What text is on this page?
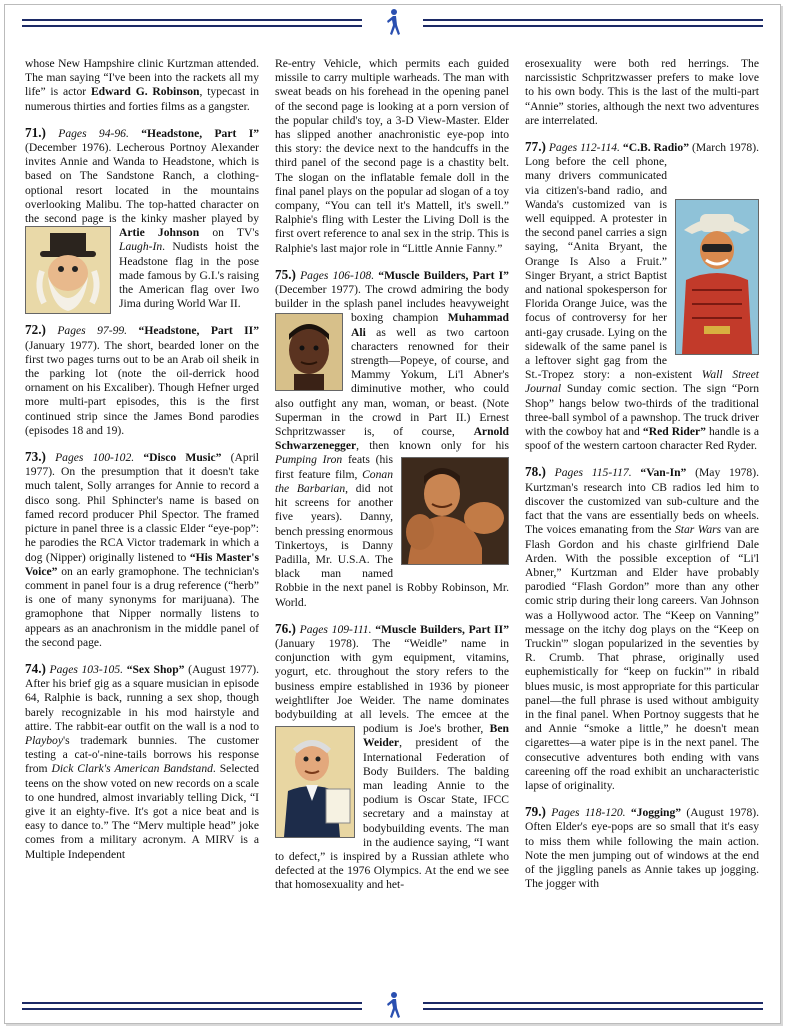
whose New Hampshire clinic Kurtzman attended. The man saying “I've been into the rackets all my life” is actor Edward G. Robinson, typecast in numerous thirties and forties films as a gangster.

71.) Pages 94-96. “Headstone, Part I” (December 1976). Lecherous Portnoy Alexander invites Annie and Wanda to Headstone, which is based on The Sandstone Ranch, a clothing-optional resort located in the mountains overlooking Malibu. The top-hatted character on the second page is the kinky masher played by
Artie Johnson on TV's Laugh-In. Nudists hoist the Headstone flag in the pose made famous by G.I.'s raising the American flag over Iwo Jima during World War II.

72.) Pages 97-99. “Headstone, Part II” (January 1977). The short, bearded loner on the first two pages turns out to be an Arab oil sheik in the parking lot (note the oil-derrick hood ornament on his Excaliber). Though Hefner urged more multi-part episodes, this is the first continued strip since the James Bond parodies (episodes 18 and 19).

73.) Pages 100-102. “Disco Music” (April 1977). On the presumption that it doesn't take much talent, Solly arranges for Annie to record a disco song. Phil Sphincter's name is based on famed record producer Phil Spector. The framed picture in panel three is a classic Elder “eye-pop”: he parodies the RCA Victor trademark in which a dog (Nipper) originally listened to “His Master's Voice” on an early gramophone. The technician's comment in panel four is a drug reference (“herb” is one of many synonyms for marijuana). The gramophone that Nipper normally listens to appears as an anachronism in the middle panel of the second page.

74.) Pages 103-105. “Sex Shop” (August 1977). After his brief gig as a square musician in episode 64, Ralphie is back, running a sex shop, though barely recognizable in his mod hairstyle and attire. The rabbit-ear outfit on the wall is a nod to Playboy's trademark bunnies. The customer testing a cat-o'-nine-tails borrows his response from Dick Clark's American Bandstand. Selected teens on the show voted on new records on a scale to one hundred, almost invariably telling Dick, “I give it an eighty-five. It's got a nice beat and is easy to dance to.” The “Merv multiple head” joke comes from a military acronym. A MIRV is a Multiple Independent

Re-entry Vehicle, which permits each guided missile to carry multiple warheads. The man with sweat beads on his forehead in the opening panel of the second page is looking at a porn version of the popular child's toy, a 3-D View-Master. Elder has slipped another anachronistic eye-pop into this story: the device next to the handcuffs in the third panel of the second page is a chastity belt. The slogan on the inflatable female doll in the final panel plays on the popular ad slogan of a toy company, “You can tell it's Mattell, it's swell.” Ralphie's fling with Lester the Living Doll is the first overt reference to anal sex in the strip. This is Ralphie's last major role in “Little Annie Fanny.”

75.) Pages 106-108. “Muscle Builders, Part I” (December 1977). The crowd admiring the body builder in the splash panel includes heavyweight boxing champion
Muhammad Ali as well as two cartoon characters renowned for their strength—Popeye, of course, and Mammy Yokum, Li'l Abner's diminutive mother, who could also outfight any man, woman, or beast. (Note Superman in the crowd in Part II.) Ernest Schpritzwasser is, of course, Arnold Schwarzenegger, then known only for his Pumping Iron
feats (his first feature film, Conan the Barbarian, did not hit screens for another five years). Danny, bench pressing enormous Tinkertoys, is Danny Padilla, Mr. U.S.A. The black man named Robbie in the next panel is Robby Robinson, Mr. World.

76.) Pages 109-111. “Muscle Builders, Part II” (January 1978). The “Weidle” name in conjunction with gym equipment, vitamins, yogurt, etc. throughout the story refers to the business empire established in 1936 by pioneer weightlifter Joe Weider. The name dominates bodybuilding at all levels. The emcee at the podium is Joe's brother,
Ben Weider, president of the International Federation of Body Builders. The balding man leading Annie to the podium is Oscar State, IFCC secretary and a mainstay at bodybuilding events. The man in the audience saying, “I want to defect,” is inspired by a Russian athlete who defected at the 1976 Olympics. At the end we see that homosexuality and het-

erosexuality were both red herrings. The narcissistic Schpritzwasser prefers to make love to his own body. This is the last of the multi-part “Annie” stories, although the next two adventures are interrelated.

77.) Pages 112-114. “C.B. Radio”
(March 1978). Long before the cell phone, many drivers communicated via citizen's-band radio, and Wanda's customized van is well equipped. A protester in the second panel carries a sign saying, “Anita Bryant, the Orange Is Also a Fruit.” Singer Bryant, a strict Baptist and national spokesperson for Florida Orange Juice, was the focus of controversy for her anti-gay crusade. Lying on the sidewalk of the same panel is a leftover sight gag from the St.-Tropez story: a non-existent Wall Street Journal Sunday comic section. The sign “Porn Shop” hangs below two-thirds of the traditional three-ball symbol of a pawnshop. The truck driver with the cowboy hat and “Red Rider” handle is a spoof of the western cartoon character Red Ryder.

78.) Pages 115-117. “Van-In” (May 1978). Kurtzman's research into CB radios led him to discover the customized van sub-culture and the fact that the vans are essentially beds on wheels. The voices emanating from the Star Wars van are Flash Gordon and his chaste girlfriend Dale Arden. With the possible exception of “Li'l Abner,” Kurtzman and Elder have probably parodied “Flash Gordon” more than any other comic strip during their long careers. Van Johnson was a Hollywood actor. The “Keep on Vanning” message on the itchy dog plays on the “Keep on Truckin'” slogan popularized in the seventies by R. Crumb. That phrase, originally used euphemistically for “keep on fuckin'” in ribald blues music, is most appropriate for this particular panel—the full phrase is used without ambiguity in the final panel. When Portnoy suggests that he and Annie “smoke a little,” he doesn't mean cigarettes—a water pipe is in the next panel. The consecutive adventures both ending with vans careening off the road exhibit an uncharacteristic lapse of originality.

79.) Pages 118-120. “Jogging” (August 1978). Often Elder's eye-pops are so small that it's easy to miss them while following the main action. Note the men jumping out of windows at the end of the jiggling panels as Annie takes up jogging. The jogger with
